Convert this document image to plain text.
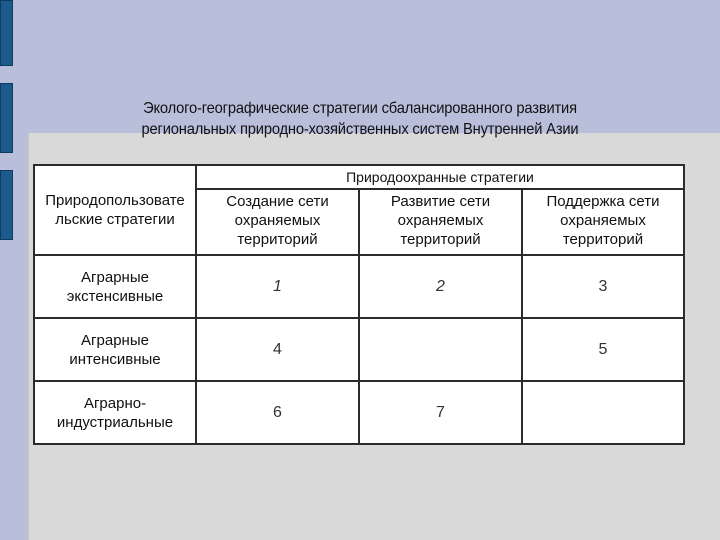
Эколого-географические стратегии сбалансированного развития
региональных природно-хозяйственных систем Внутренней Азии
Природопользовате льские стратегии	Природоохранные стратегии		
	Создание сети охраняемых территорий	Развитие сети охраняемых территорий	Поддержка сети охраняемых территорий
Аграрные экстенсивные	1	2	3
Аграрные интенсивные	4		5
Аграрно-индустриальные	6	7	
